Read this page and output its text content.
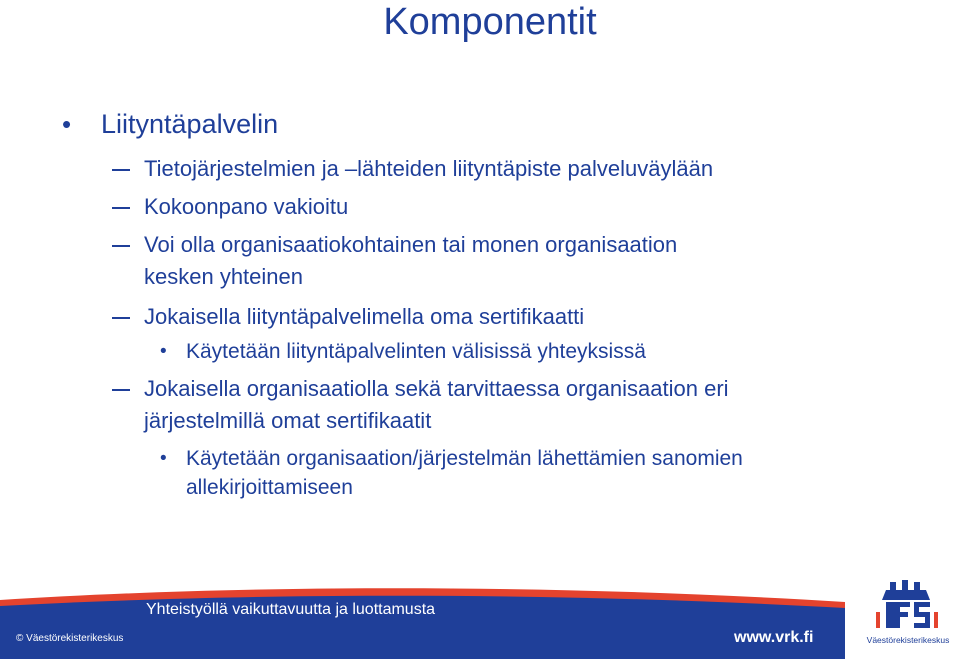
Komponentit
• Liityntäpalvelin
Tietojärjestelmien ja –lähteiden liityntäpiste palveluväylään
Kokoonpano vakioitu
Voi olla organisaatiokohtainen tai monen organisaation
kesken yhteinen
Jokaisella liityntäpalvelimella oma sertifikaatti
• Käytetään liityntäpalvelinten välisissä yhteyksissä
Jokaisella organisaatiolla sekä tarvittaessa organisaation eri
järjestelmillä omat sertifikaatit
• Käytetään organisaation/järjestelmän lähettämien sanomien
allekirjoittamiseen
Yhteistyöllä vaikuttavuutta ja luottamusta
© Väestörekisterikeskus	www.vrk.fi	Väestörekisterikeskus
